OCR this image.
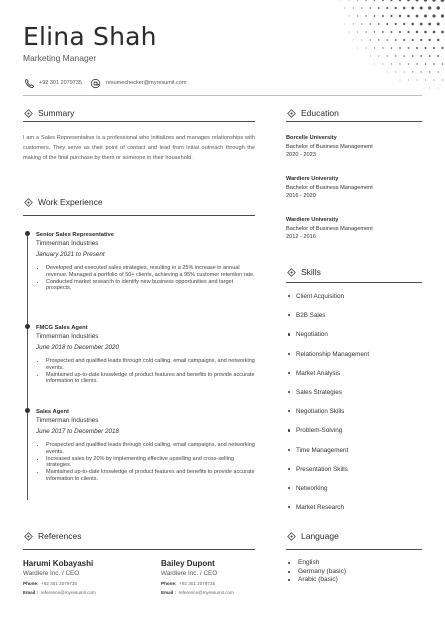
Elina Shah
Marketing Manager
+92 301 2079735	resumechecker@myresumit.com
Summary

I am a Sales Representative is a professional who initializes and manages relationships with customers. They serve as their point of contact and lead from initial outreach through the making of the final purchase by them or someone in their household.

Work Experience
Senior Sales Representative
Timmerman Industries
January 2021 to Present
• Developed and executed sales strategies, resulting in a 25% increase in annual revenue. Managed a portfolio of 50+ clients, achieving a 95% customer retention rate.
• Conducted market research to identify new business opportunities and target prospects.
FMCG Sales Agent
Timmerman Industries
June 2018 to December 2020
• Prospected and qualified leads through cold calling, email campaigns, and networking events.
• Maintained up-to-date knowledge of product features and benefits to provide accurate information to clients.
Sales Agent
Timmerman Industries
June 2017 to December 2018
• Prospected and qualified leads through cold calling, email campaigns, and networking events.
• Increased sales by 20% by implementing effective upselling and cross-selling strategies.
• Maintained up-to-date knowledge of product features and benefits to provide accurate information to clients.
Education
Borcelle University
Bachelor of Business Management
2020 - 2023
Wardiere University
Bachelor of Business Management
2016 - 2020
Wardiere University
Bachelor of Business Management
2012 - 2016
Skills
Client Acquisition
B2B Sales
Negotiation
Relationship Management
Market Analysis
Sales Strategies
Negotiation Skills
Problem-Solving
Time Management
Presentation Skills
Networking
Market Research
References
Harumi Kobayashi
Wardiere Inc. / CEO
Phone: +92 301 2079735
Email : reference@myresumit.com
Bailey Dupont
Wardiere Inc. / CEO
Phone: +92 301 2079735
Email : reference@myresumit.com
Language
• English
• Germany (basic)
• Arabic (basic)
